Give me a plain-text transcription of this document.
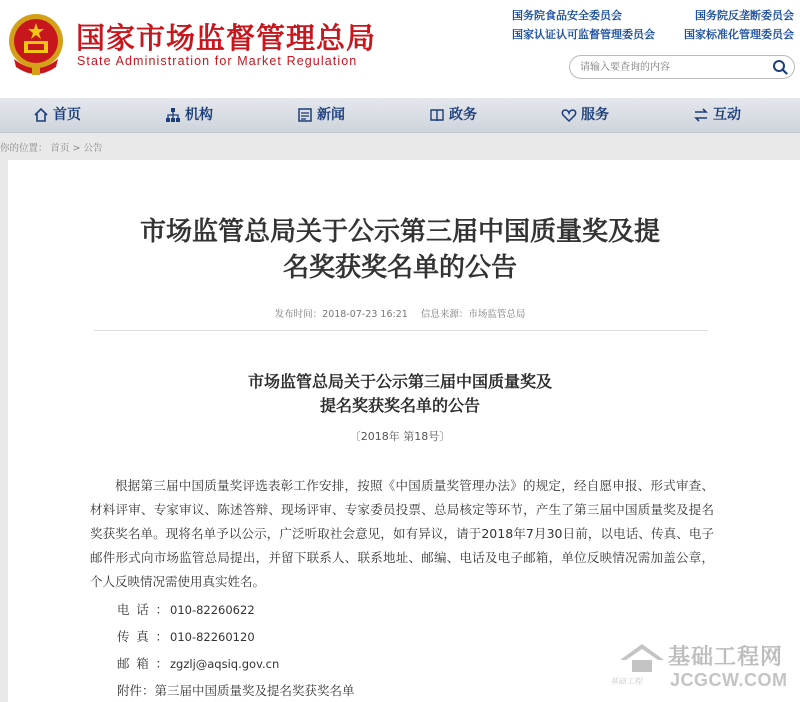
国家市场监督管理总局
State Administration for Market Regulation
国务院食品安全委员会	国务院反垄断委员会
国家认证认可监督管理委员会	国家标准化管理委员会
请输入要查询的内容
首页	机构	新闻	政务	服务	互动
你的位置： 首页 > 公告
市场监管总局关于公示第三届中国质量奖及提
名奖获奖名单的公告
发布时间：2018-07-23 16:21 信息来源：市场监管总局
市场监管总局关于公示第三届中国质量奖及
提名奖获奖名单的公告
〔2018年 第18号〕

根据第三届中国质量奖评选表彰工作安排，按照《中国质量奖管理办法》的规定，经自愿申报、形式审查、材料评审、专家审议、陈述答辩、现场评审、专家委员投票、总局核定等环节，产生了第三届中国质量奖及提名奖获奖名单。现将名单予以公示，广泛听取社会意见，如有异议，请于2018年7月30日前，以电话、传真、电子邮件形式向市场监管总局提出，并留下联系人、联系地址、邮编、电话及电子邮箱，单位反映情况需加盖公章，个人反映情况需使用真实姓名。

电话： 010-82260622
传真： 010-82260120
邮箱： zgzlj@aqsiq.gov.cn
附件：第三届中国质量奖及提名奖获奖名单
基础工程网
JCGCW.COM
基础工程
